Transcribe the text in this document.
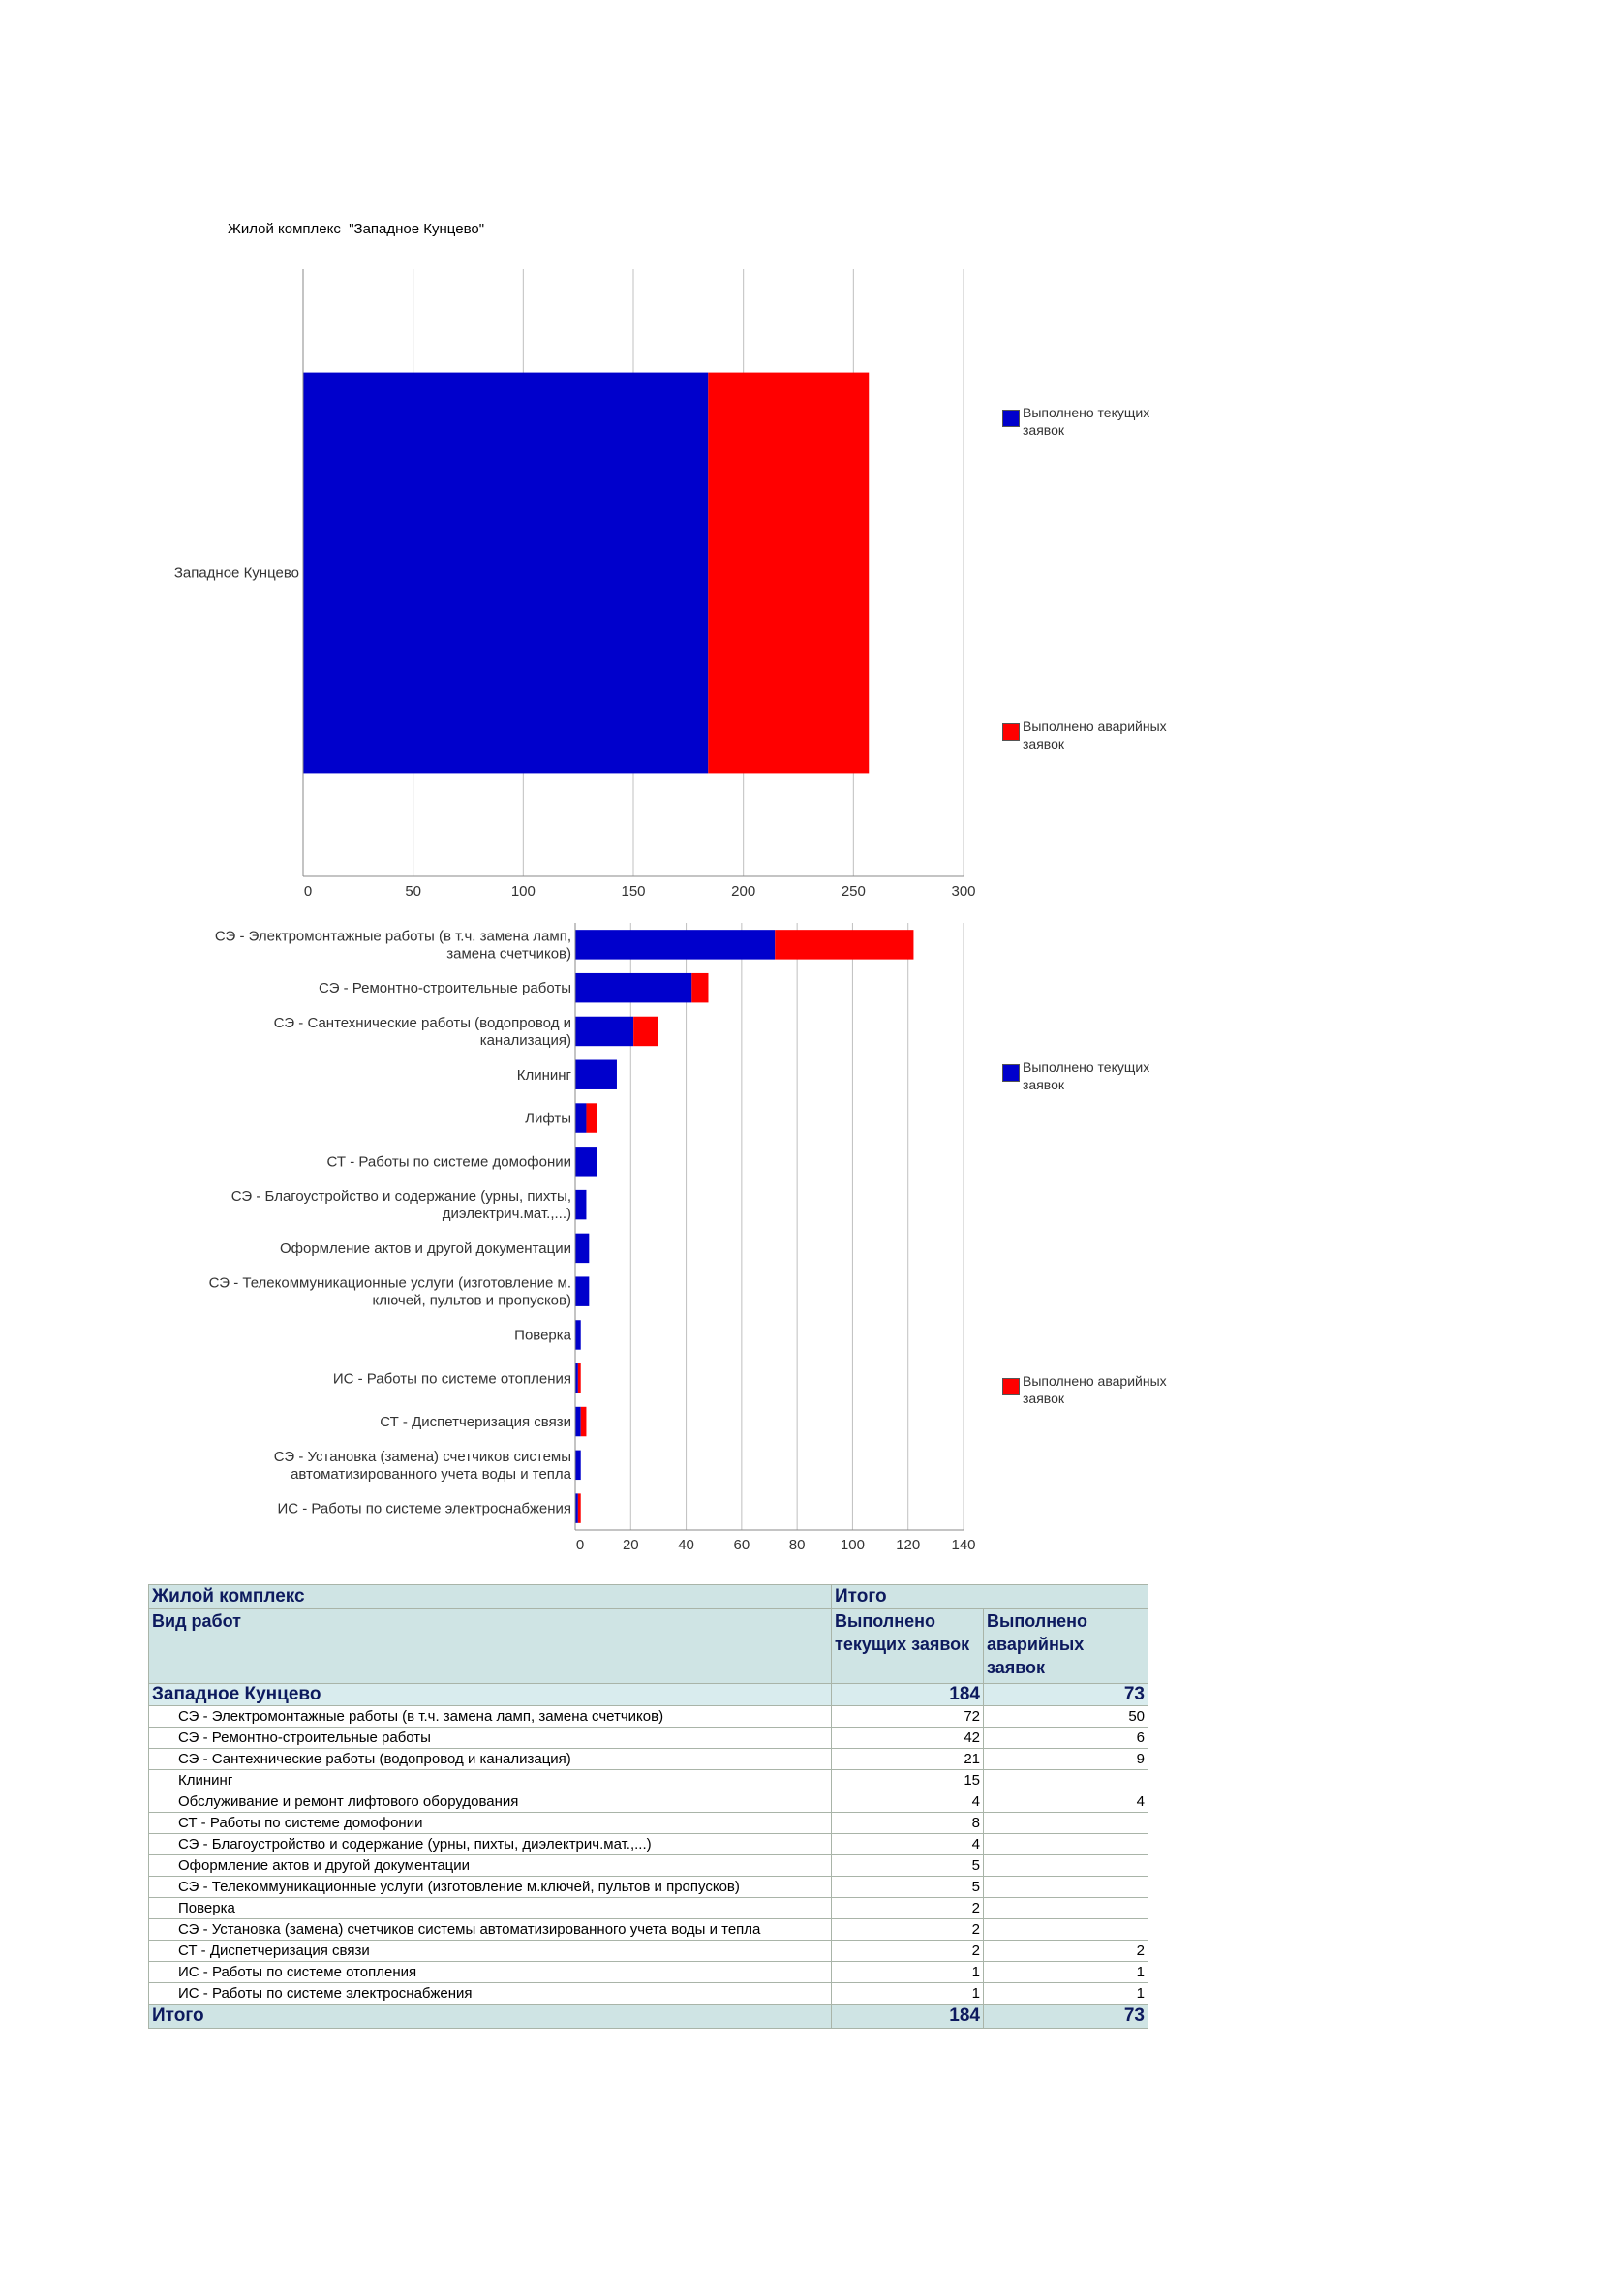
Жилой комплекс  "Западное Кунцево"
Западное Кунцево
0	50	100	150	200	250	300
Выполнено текущих заявок
Выполнено аварийных заявок
СЭ - Электромонтажные работы (в т.ч. замена ламп, замена счетчиков)
СЭ - Ремонтно-строительные работы
СЭ - Сантехнические работы (водопровод и канализация)
Клининг
Лифты
СТ - Работы по системе домофонии
СЭ - Благоустройство и содержание (урны, пихты, диэлектрич.мат.,...)
Оформление актов и другой документации
СЭ - Телекоммуникационные услуги (изготовление м. ключей, пультов и пропусков)
Поверка
ИС - Работы по системе отопления
СТ - Диспетчеризация связи
СЭ - Установка (замена) счетчиков системы автоматизированного учета воды и тепла
ИС - Работы по системе электроснабжения
0	20	40	60	80 100 120 140
Выполнено текущих заявок
Выполнено аварийных заявок
Жилой комплекс	Итого	
Вид работ	Выполнено текущих заявок	Выполнено аварийных заявок
Западное Кунцево	184	73
СЭ - Электромонтажные работы (в т.ч. замена ламп, замена счетчиков)	72	50
СЭ - Ремонтно-строительные работы	42	6
СЭ - Сантехнические работы (водопровод и канализация)	21	9
Клининг	15	
Обслуживание и ремонт лифтового оборудования	4	4
СТ - Работы по системе домофонии	8	
СЭ - Благоустройство и содержание (урны, пихты, диэлектрич.мат.,...)	4	
Оформление актов и другой документации	5	
СЭ - Телекоммуникационные услуги (изготовление м.ключей, пультов и пропусков)	5	
Поверка	2	
СЭ - Установка (замена) счетчиков системы автоматизированного учета воды и тепла	2	
СТ - Диспетчеризация связи	2	2
ИС - Работы по системе отопления	1	1
ИС - Работы по системе электроснабжения	1	1
Итого	184	73
